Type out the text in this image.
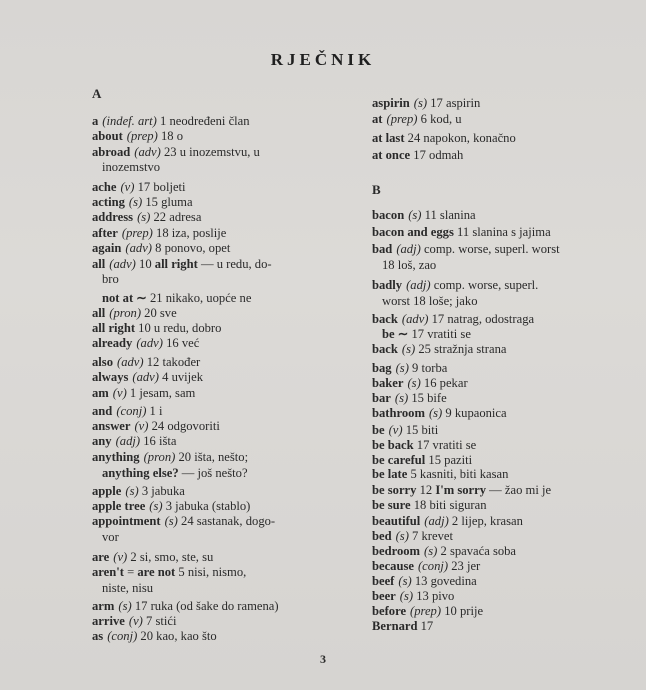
RJEČNIK
A
a (indef. art) 1 neodređeni član
about (prep) 18 o
abroad (adv) 23 u inozemstvu, u
inozemstvo
ache (v) 17 boljeti
acting (s) 15 gluma
address (s) 22 adresa
after (prep) 18 iza, poslije
again (adv) 8 ponovo, opet
all (adv) 10 all right — u redu, do-
bro
not at ∼ 21 nikako, uopće ne
all (pron) 20 sve
all right 10 u redu, dobro
already (adv) 16 već
also (adv) 12 također
always (adv) 4 uvijek
am (v) 1 jesam, sam
and (conj) 1 i
answer (v) 24 odgovoriti
any (adj) 16 išta
anything (pron) 20 išta, nešto;
anything else? — još nešto?
apple (s) 3 jabuka
apple tree (s) 3 jabuka (stablo)
appointment (s) 24 sastanak, dogo-
vor
are (v) 2 si, smo, ste, su
aren't = are not 5 nisi, nismo,
niste, nisu
arm (s) 17 ruka (od šake do ramena)
arrive (v) 7 stići
as (conj) 20 kao, kao što
B
aspirin (s) 17 aspirin
at (prep) 6 kod, u
at last 24 napokon, konačno
at once 17 odmah
bacon (s) 11 slanina
bacon and eggs 11 slanina s jajima
bad (adj) comp. worse, superl. worst
18 loš, zao
badly (adj) comp. worse, superl.
worst 18 loše; jako
back (adv) 17 natrag, odostraga
be ∼ 17 vratiti se
back (s) 25 stražnja strana
bag (s) 9 torba
baker (s) 16 pekar
bar (s) 15 bife
bathroom (s) 9 kupaonica
be (v) 15 biti
be back 17 vratiti se
be careful 15 paziti
be late 5 kasniti, biti kasan
be sorry 12 I'm sorry — žao mi je
be sure 18 biti siguran
beautiful (adj) 2 lijep, krasan
bed (s) 7 krevet
bedroom (s) 2 spavaća soba
because (conj) 23 jer
beef (s) 13 govedina
beer (s) 13 pivo
before (prep) 10 prije
Bernard 17
3
